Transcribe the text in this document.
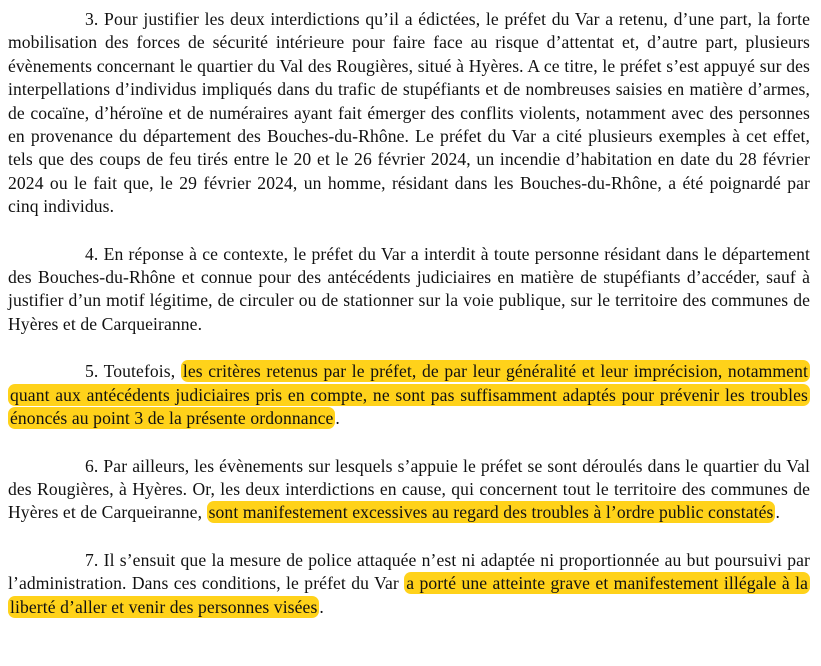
3. Pour justifier les deux interdictions qu’il a édictées, le préfet du Var a retenu, d’une part, la forte mobilisation des forces de sécurité intérieure pour faire face au risque d’attentat et, d’autre part, plusieurs évènements concernant le quartier du Val des Rougières, situé à Hyères. A ce titre, le préfet s’est appuyé sur des interpellations d’individus impliqués dans du trafic de stupéfiants et de nombreuses saisies en matière d’armes, de cocaïne, d’héroïne et de numéraires ayant fait émerger des conflits violents, notamment avec des personnes en provenance du département des Bouches-du-Rhône. Le préfet du Var a cité plusieurs exemples à cet effet, tels que des coups de feu tirés entre le 20 et le 26 février 2024, un incendie d’habitation en date du 28 février 2024 ou le fait que, le 29 février 2024, un homme, résidant dans les Bouches-du-Rhône, a été poignardé par cinq individus.

4. En réponse à ce contexte, le préfet du Var a interdit à toute personne résidant dans le département des Bouches-du-Rhône et connue pour des antécédents judiciaires en matière de stupéfiants d’accéder, sauf à justifier d’un motif légitime, de circuler ou de stationner sur la voie publique, sur le territoire des communes de Hyères et de Carqueiranne.

5. Toutefois, les critères retenus par le préfet, de par leur généralité et leur imprécision, notamment quant aux antécédents judiciaires pris en compte, ne sont pas suffisamment adaptés pour prévenir les troubles énoncés au point 3 de la présente ordonnance .

6. Par ailleurs, les évènements sur lesquels s’appuie le préfet se sont déroulés dans le quartier du Val des Rougières, à Hyères. Or, les deux interdictions en cause, qui concernent tout le territoire des communes de Hyères et de Carqueiranne, sont manifestement excessives au regard des troubles à l’ordre public constatés .

7. Il s’ensuit que la mesure de police attaquée n’est ni adaptée ni proportionnée au but poursuivi par l’administration. Dans ces conditions, le préfet du Var a porté une atteinte grave et manifestement illégale à la liberté d’aller et venir des personnes visées .
